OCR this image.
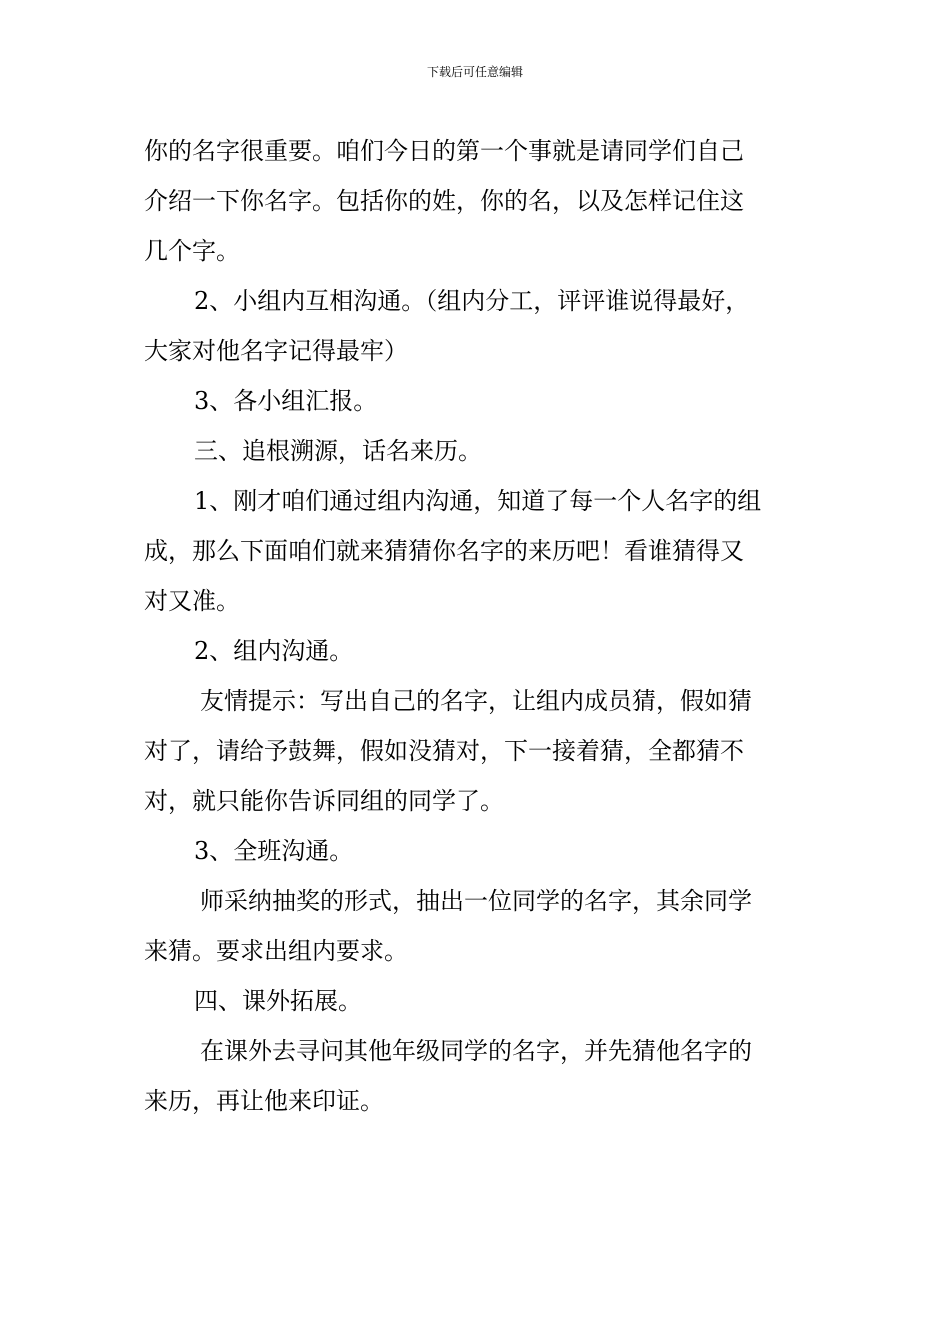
下载后可任意编辑
你的名字很重要。咱们今日的第一个事就是请同学们自己
介绍一下你名字。包括你的姓，你的名，以及怎样记住这
几个字。
2、小组内互相沟通。（组内分工，评评谁说得最好，
大家对他名字记得最牢）
3、各小组汇报。
三、追根溯源，话名来历。
1、刚才咱们通过组内沟通，知道了每一个人名字的组
成，那么下面咱们就来猜猜你名字的来历吧！看谁猜得又
对又准。
2、组内沟通。
友情提示：写出自己的名字，让组内成员猜，假如猜
对了，请给予鼓舞，假如没猜对，下一接着猜，全都猜不
对，就只能你告诉同组的同学了。
3、全班沟通。
师采纳抽奖的形式，抽出一位同学的名字，其余同学
来猜。要求出组内要求。
四、课外拓展。
在课外去寻问其他年级同学的名字，并先猜他名字的
来历，再让他来印证。
